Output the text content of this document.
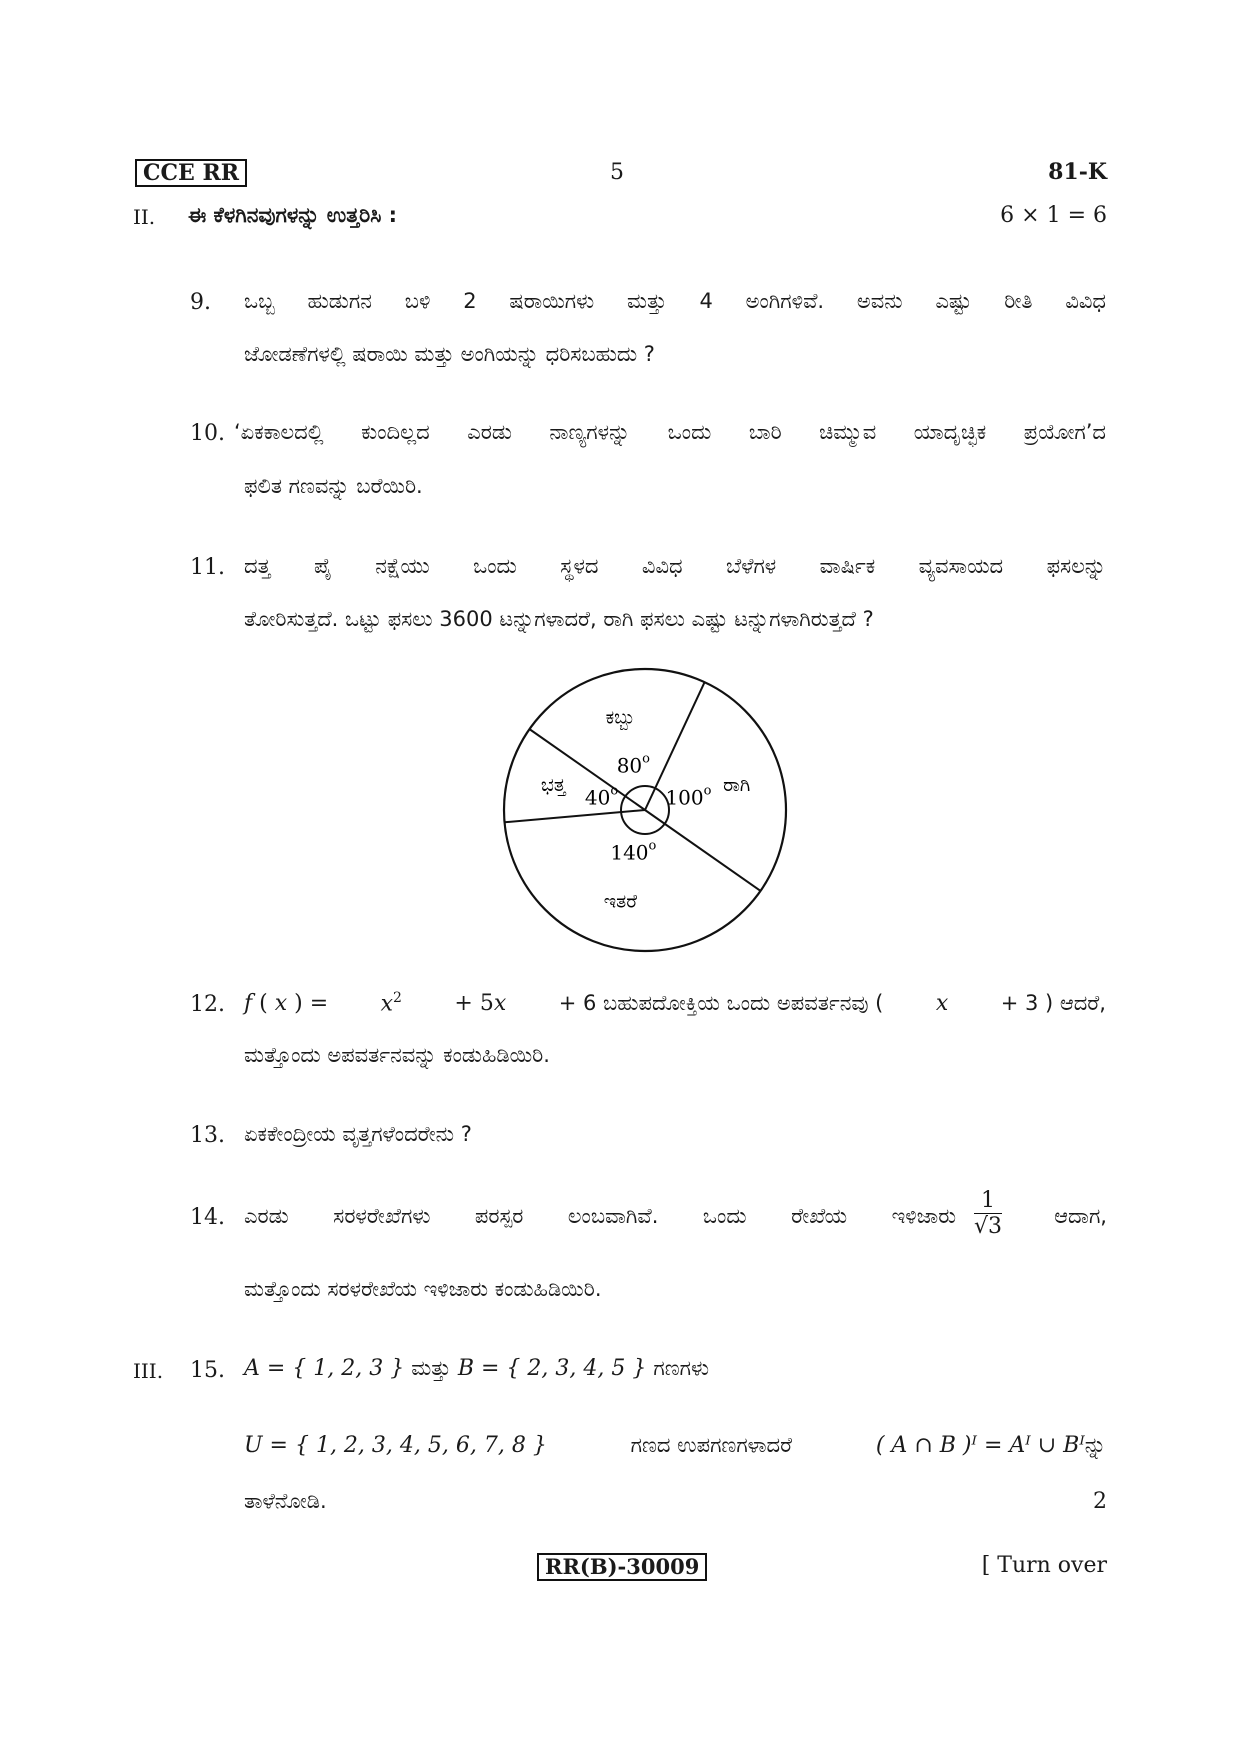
CCE RR	5	81-K
II. ಈ ಕೆಳಗಿನವುಗಳನ್ನು ಉತ್ತರಿಸಿ :	6 × 1 = 6
9. ಒಬ್ಬ ಹುಡುಗನ ಬಳಿ 2 ಷರಾಯಿಗಳು ಮತ್ತು 4 ಅಂಗಿಗಳಿವೆ. ಅವನು ಎಷ್ಟು ರೀತಿ ವಿವಿಧ
ಜೋಡಣೆಗಳಲ್ಲಿ ಷರಾಯಿ ಮತ್ತು ಅಂಗಿಯನ್ನು ಧರಿಸಬಹುದು ?
10. ‘ಏಕಕಾಲದಲ್ಲಿ ಕುಂದಿಲ್ಲದ ಎರಡು ನಾಣ್ಯಗಳನ್ನು ಒಂದು ಬಾರಿ ಚಿಮ್ಮುವ ಯಾದೃಚ್ಛಿಕ ಪ್ರಯೋಗ’ದ
ಫಲಿತ ಗಣವನ್ನು ಬರೆಯಿರಿ.
11. ದತ್ತ ಪೈ ನಕ್ಷೆಯು ಒಂದು ಸ್ಥಳದ ವಿವಿಧ ಬೆಳೆಗಳ ವಾರ್ಷಿಕ ವ್ಯವಸಾಯದ ಫಸಲನ್ನು
ತೋರಿಸುತ್ತದೆ. ಒಟ್ಟು ಫಸಲು 3600 ಟನ್ನುಗಳಾದರೆ, ರಾಗಿ ಫಸಲು ಎಷ್ಟು ಟನ್ನುಗಳಾಗಿರುತ್ತದೆ ?
ರಾಗಿ
ಇತರೆ
ಭತ್ತ
ಕಬ್ಬು
100$^o$
140$^o$
40$^o$
80$^o$
12. f ( x ) = $x^2 + 5x + 6$ ಬಹುಪದೋಕ್ತಿಯ ಒಂದು ಅಪವರ್ತನವು ( x + 3 ) ಆದರೆ,
ಮತ್ತೊಂದು ಅಪವರ್ತನವನ್ನು ಕಂಡುಹಿಡಿಯಿರಿ.
13. ಏಕಕೇಂದ್ರೀಯ ವೃತ್ತಗಳೆಂದರೇನು ?
14. ಎರಡು ಸರಳರೇಖೆಗಳು ಪರಸ್ಪರ ಲಂಬವಾಗಿವೆ. ಒಂದು ರೇಖೆಯ ಇಳಿಜಾರು $\frac{1}{√3}$ ಆದಾಗ,
ಮತ್ತೊಂದು ಸರಳರೇಖೆಯ ಇಳಿಜಾರು ಕಂಡುಹಿಡಿಯಿರಿ.
III. 15. A = { 1, 2, 3 } ಮತ್ತು B = { 2, 3, 4, 5 } ಗಣಗಳು
U = { 1, 2, 3, 4, 5, 6, 7, 8 }	ಗಣದ ಉಪಗಣಗಳಾದರೆ	( A ∩ B )ᴵ = Aᴵ ∪ Bᴵನ್ನು
ತಾಳೆನೋಡಿ.	2
RR(B)-30009	[ Turn over
